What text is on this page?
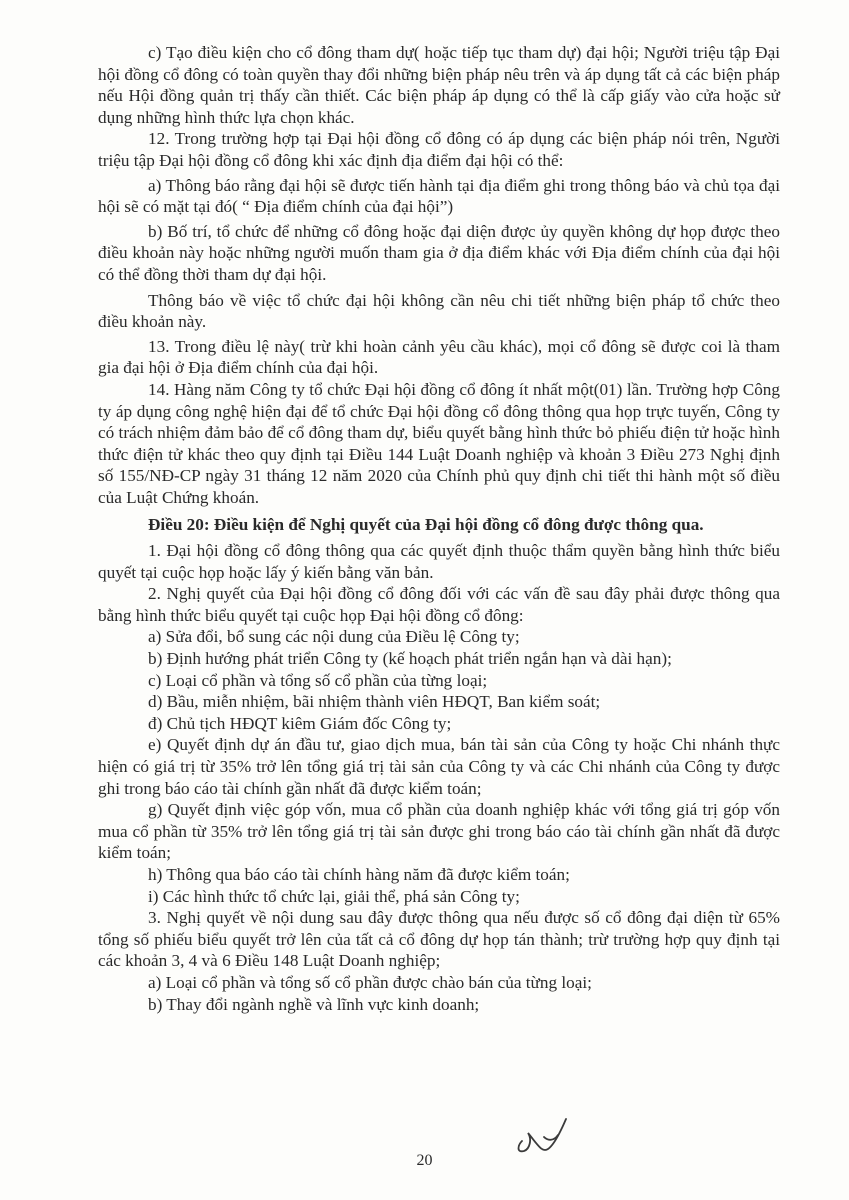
c) Tạo điều kiện cho cổ đông tham dự( hoặc tiếp tục tham dự) đại hội; Người triệu tập Đại hội đồng cổ đông có toàn quyền thay đổi những biện pháp nêu trên và áp dụng tất cả các biện pháp nếu Hội đồng quản trị thấy cần thiết. Các biện pháp áp dụng có thể là cấp giấy vào cửa hoặc sử dụng những hình thức lựa chọn khác.

12. Trong trường hợp tại Đại hội đồng cổ đông có áp dụng các biện pháp nói trên, Người triệu tập Đại hội đồng cổ đông khi xác định địa điểm đại hội có thể:

a) Thông báo rằng đại hội sẽ được tiến hành tại địa điểm ghi trong thông báo và chủ tọa đại hội sẽ có mặt tại đó( “ Địa điểm chính của đại hội”)

b) Bố trí, tổ chức để những cổ đông hoặc đại diện được ủy quyền không dự họp được theo điều khoản này hoặc những người muốn tham gia ở địa điểm khác với Địa điểm chính của đại hội có thể đồng thời tham dự đại hội.

Thông báo về việc tổ chức đại hội không cần nêu chi tiết những biện pháp tổ chức theo điều khoản này.

13. Trong điều lệ này( trừ khi hoàn cảnh yêu cầu khác), mọi cổ đông sẽ được coi là tham gia đại hội ở Địa điểm chính của đại hội.

14. Hàng năm Công ty tổ chức Đại hội đồng cổ đông ít nhất một(01) lần. Trường hợp Công ty áp dụng công nghệ hiện đại để tổ chức Đại hội đồng cổ đông thông qua họp trực tuyến, Công ty có trách nhiệm đảm bảo để cổ đông tham dự, biểu quyết bằng hình thức bỏ phiếu điện tử hoặc hình thức điện tử khác theo quy định tại Điều 144 Luật Doanh nghiệp và khoản 3 Điều 273 Nghị định số 155/NĐ-CP ngày 31 tháng 12 năm 2020 của Chính phủ quy định chi tiết thi hành một số điều của Luật Chứng khoán.

Điều 20: Điều kiện để Nghị quyết của Đại hội đồng cổ đông được thông qua.

1. Đại hội đồng cổ đông thông qua các quyết định thuộc thẩm quyền bằng hình thức biểu quyết tại cuộc họp hoặc lấy ý kiến bằng văn bản.

2. Nghị quyết của Đại hội đồng cổ đông đối với các vấn đề sau đây phải được thông qua bằng hình thức biểu quyết tại cuộc họp Đại hội đồng cổ đông:

a) Sửa đổi, bổ sung các nội dung của Điều lệ Công ty;

b) Định hướng phát triển Công ty (kế hoạch phát triển ngắn hạn và dài hạn);

c) Loại cổ phần và tổng số cổ phần của từng loại;

d) Bầu, miễn nhiệm, bãi nhiệm thành viên HĐQT, Ban kiểm soát;

đ) Chủ tịch HĐQT kiêm Giám đốc Công ty;

e) Quyết định dự án đầu tư, giao dịch mua, bán tài sản của Công ty hoặc Chi nhánh thực hiện có giá trị từ 35% trở lên tổng giá trị tài sản của Công ty và các Chi nhánh của Công ty được ghi trong báo cáo tài chính gần nhất đã được kiểm toán;

g) Quyết định việc góp vốn, mua cổ phần của doanh nghiệp khác với tổng giá trị góp vốn mua cổ phần từ 35% trở lên tổng giá trị tài sản được ghi trong báo cáo tài chính gần nhất đã được kiểm toán;

h) Thông qua báo cáo tài chính hàng năm đã được kiểm toán;

i) Các hình thức tổ chức lại, giải thể, phá sản Công ty;

3. Nghị quyết về nội dung sau đây được thông qua nếu được số cổ đông đại diện từ 65% tổng số phiếu biểu quyết trở lên của tất cả cổ đông dự họp tán thành; trừ trường hợp quy định tại các khoản 3, 4 và 6 Điều 148 Luật Doanh nghiệp;

a) Loại cổ phần và tổng số cổ phần được chào bán của từng loại;

b) Thay đổi ngành nghề và lĩnh vực kinh doanh;

20
